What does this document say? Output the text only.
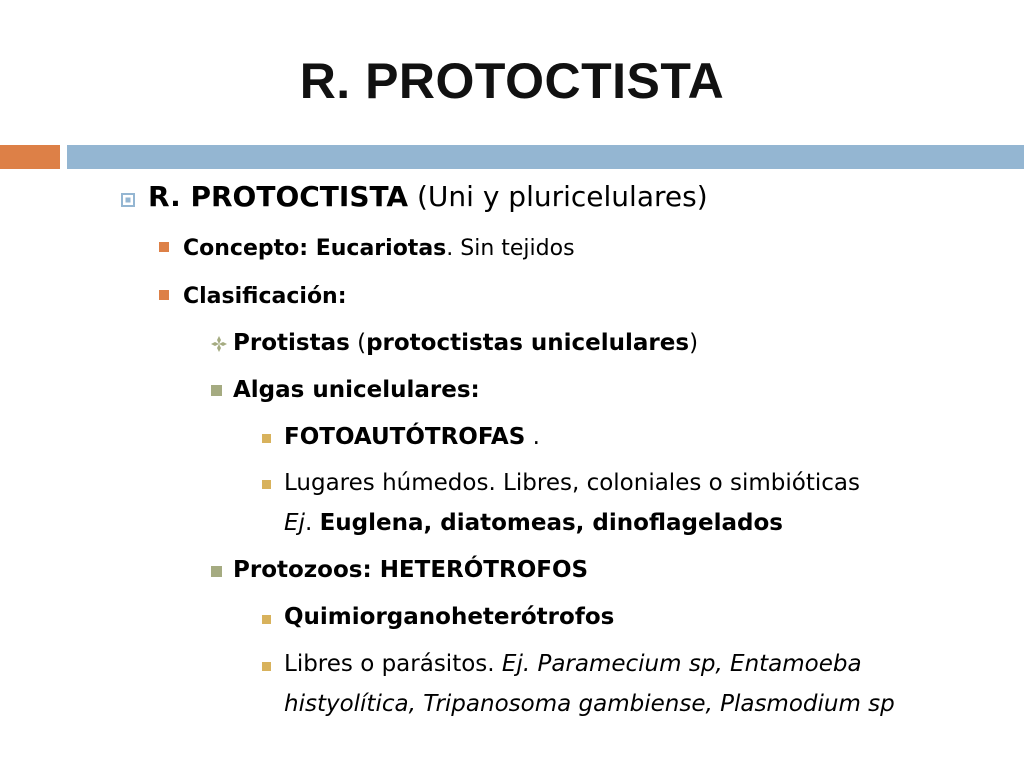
R. PROTOCTISTA
R. PROTOCTISTA (Uni y pluricelulares)
Concepto: Eucariotas. Sin tejidos
Clasificación:
Protistas (protoctistas unicelulares)
Algas unicelulares:
FOTOAUTÓTROFAS .
Lugares húmedos. Libres, coloniales o simbióticas
Ej. Euglena, diatomeas, dinoflagelados
Protozoos: HETERÓTROFOS
Quimiorganoheterótrofos
Libres o parásitos. Ej. Paramecium sp, Entamoeba
histyolítica, Tripanosoma gambiense, Plasmodium sp
